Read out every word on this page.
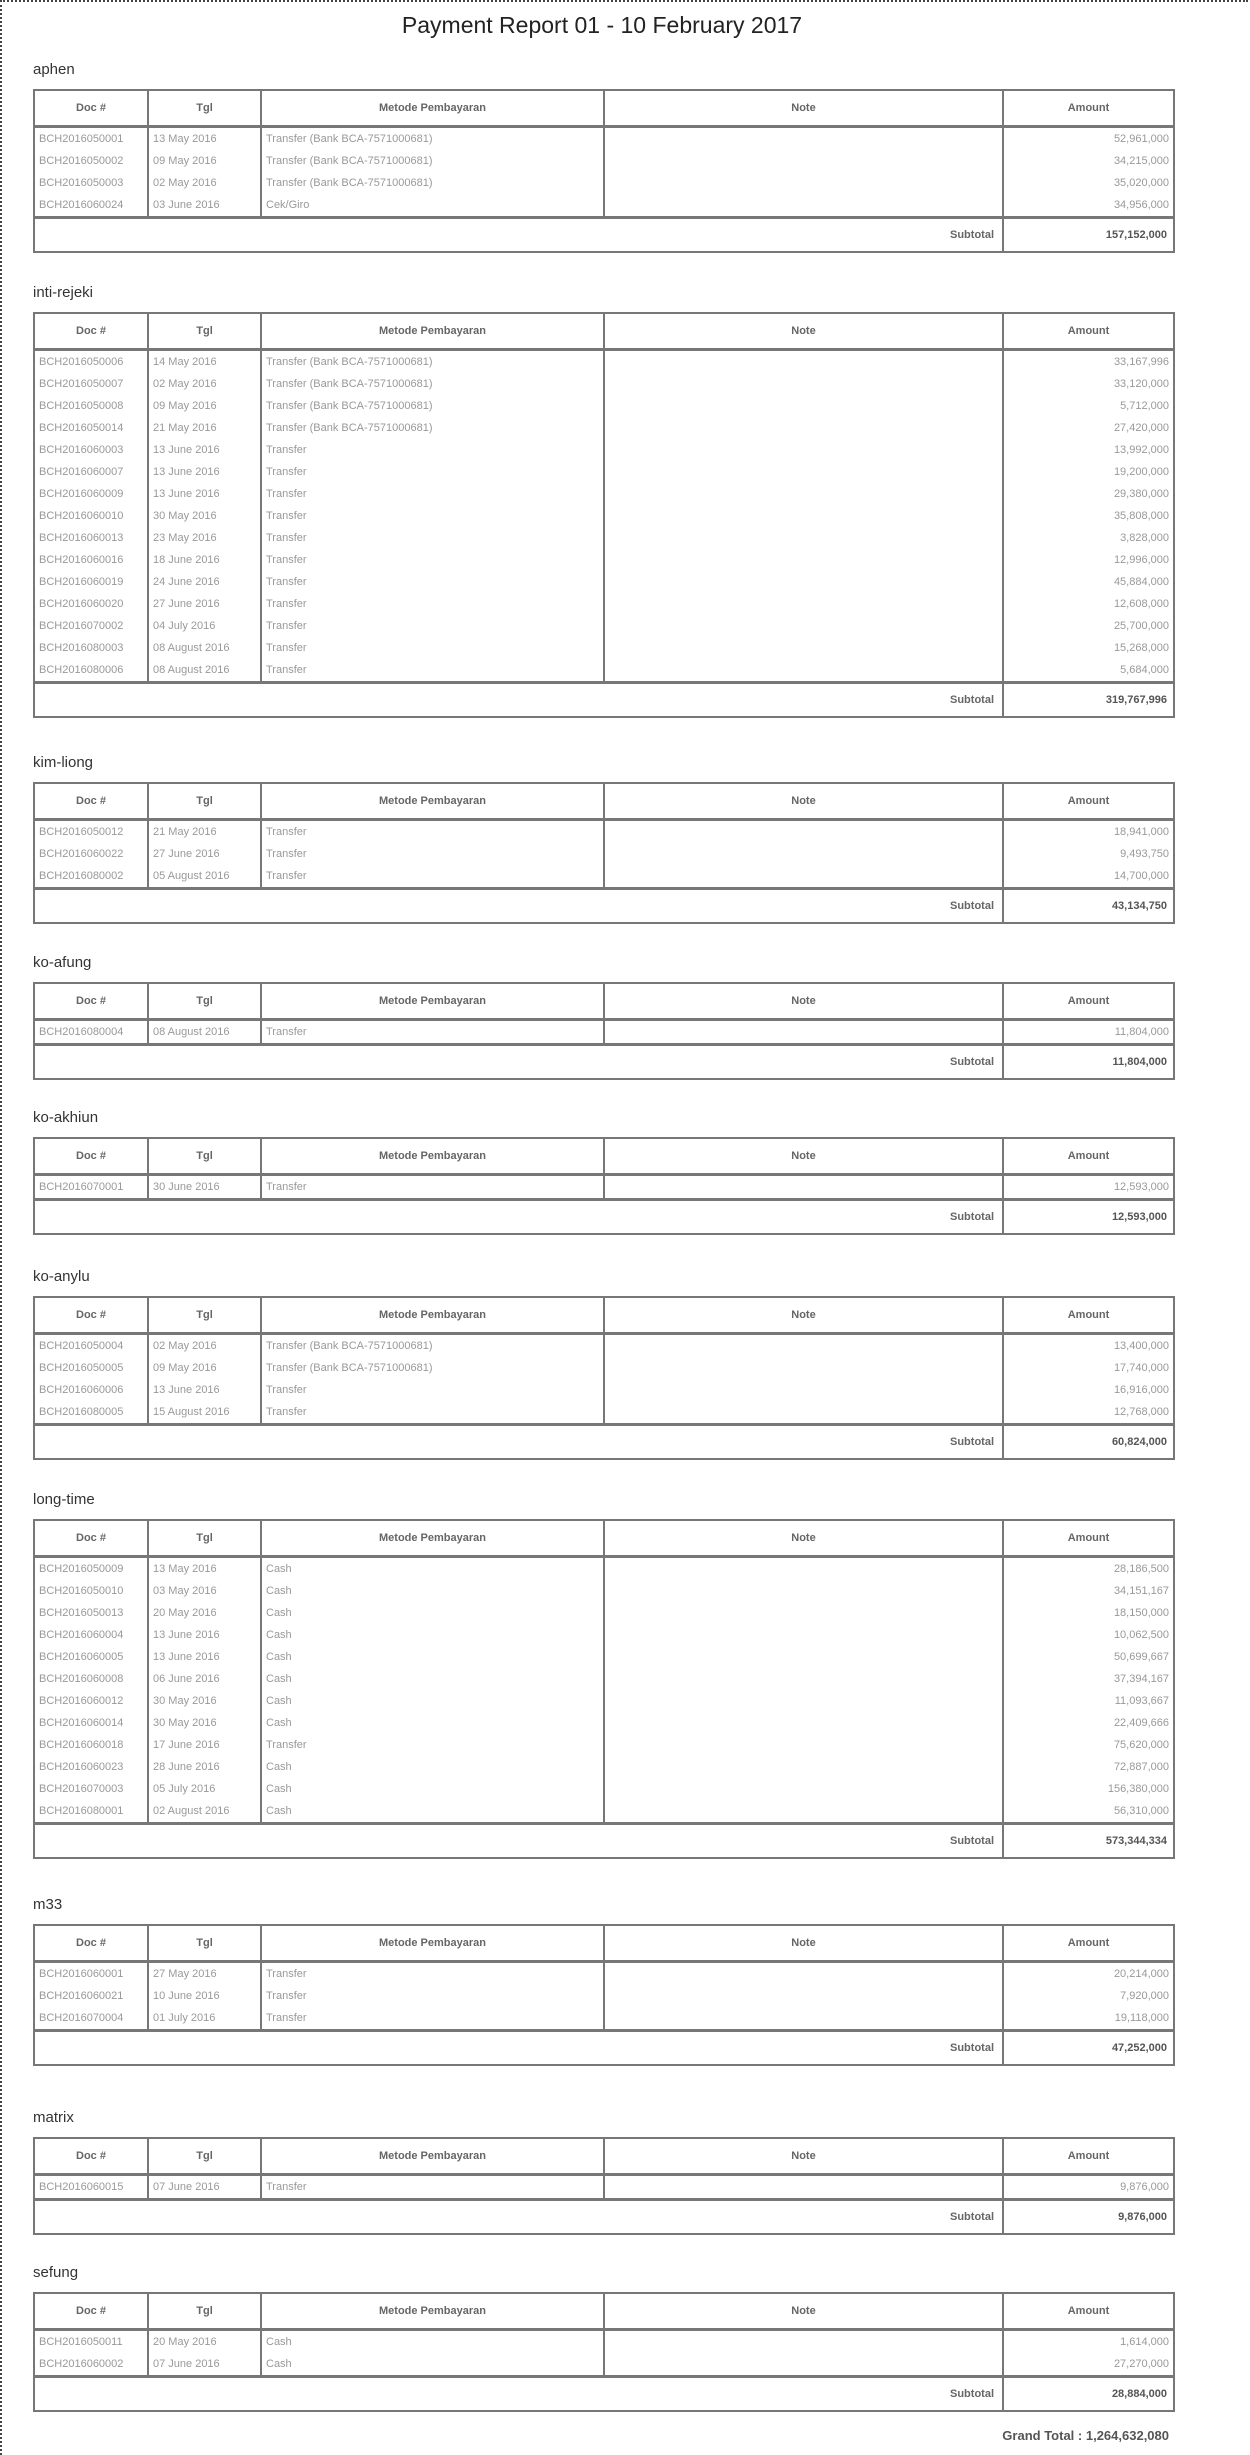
Payment Report 01 - 10 February 2017
aphen
Doc #	Tgl	Metode Pembayaran	Note	Amount
BCH2016050001	13 May 2016	Transfer (Bank BCA-7571000681)		52,961,000
BCH2016050002	09 May 2016	Transfer (Bank BCA-7571000681)		34,215,000
BCH2016050003	02 May 2016	Transfer (Bank BCA-7571000681)		35,020,000
BCH2016060024	03 June 2016	Cek/Giro		34,956,000
Subtotal				157,152,000
inti-rejeki
Doc #	Tgl	Metode Pembayaran	Note	Amount
BCH2016050006	14 May 2016	Transfer (Bank BCA-7571000681)		33,167,996
BCH2016050007	02 May 2016	Transfer (Bank BCA-7571000681)		33,120,000
BCH2016050008	09 May 2016	Transfer (Bank BCA-7571000681)		5,712,000
BCH2016050014	21 May 2016	Transfer (Bank BCA-7571000681)		27,420,000
BCH2016060003	13 June 2016	Transfer		13,992,000
BCH2016060007	13 June 2016	Transfer		19,200,000
BCH2016060009	13 June 2016	Transfer		29,380,000
BCH2016060010	30 May 2016	Transfer		35,808,000
BCH2016060013	23 May 2016	Transfer		3,828,000
BCH2016060016	18 June 2016	Transfer		12,996,000
BCH2016060019	24 June 2016	Transfer		45,884,000
BCH2016060020	27 June 2016	Transfer		12,608,000
BCH2016070002	04 July 2016	Transfer		25,700,000
BCH2016080003	08 August 2016	Transfer		15,268,000
BCH2016080006	08 August 2016	Transfer		5,684,000
Subtotal				319,767,996
kim-liong
Doc #	Tgl	Metode Pembayaran	Note	Amount
BCH2016050012	21 May 2016	Transfer		18,941,000
BCH2016060022	27 June 2016	Transfer		9,493,750
BCH2016080002	05 August 2016	Transfer		14,700,000
Subtotal				43,134,750
ko-afung
Doc #	Tgl	Metode Pembayaran	Note	Amount
BCH2016080004	08 August 2016	Transfer		11,804,000
Subtotal				11,804,000
ko-akhiun
Doc #	Tgl	Metode Pembayaran	Note	Amount
BCH2016070001	30 June 2016	Transfer		12,593,000
Subtotal				12,593,000
ko-anylu
Doc #	Tgl	Metode Pembayaran	Note	Amount
BCH2016050004	02 May 2016	Transfer (Bank BCA-7571000681)		13,400,000
BCH2016050005	09 May 2016	Transfer (Bank BCA-7571000681)		17,740,000
BCH2016060006	13 June 2016	Transfer		16,916,000
BCH2016080005	15 August 2016	Transfer		12,768,000
Subtotal				60,824,000
long-time
Doc #	Tgl	Metode Pembayaran	Note	Amount
BCH2016050009	13 May 2016	Cash		28,186,500
BCH2016050010	03 May 2016	Cash		34,151,167
BCH2016050013	20 May 2016	Cash		18,150,000
BCH2016060004	13 June 2016	Cash		10,062,500
BCH2016060005	13 June 2016	Cash		50,699,667
BCH2016060008	06 June 2016	Cash		37,394,167
BCH2016060012	30 May 2016	Cash		11,093,667
BCH2016060014	30 May 2016	Cash		22,409,666
BCH2016060018	17 June 2016	Transfer		75,620,000
BCH2016060023	28 June 2016	Cash		72,887,000
BCH2016070003	05 July 2016	Cash		156,380,000
BCH2016080001	02 August 2016	Cash		56,310,000
Subtotal				573,344,334
m33
Doc #	Tgl	Metode Pembayaran	Note	Amount
BCH2016060001	27 May 2016	Transfer		20,214,000
BCH2016060021	10 June 2016	Transfer		7,920,000
BCH2016070004	01 July 2016	Transfer		19,118,000
Subtotal				47,252,000
matrix
Doc #	Tgl	Metode Pembayaran	Note	Amount
BCH2016060015	07 June 2016	Transfer		9,876,000
Subtotal				9,876,000
sefung
Doc #	Tgl	Metode Pembayaran	Note	Amount
BCH2016050011	20 May 2016	Cash		1,614,000
BCH2016060002	07 June 2016	Cash		27,270,000
Subtotal				28,884,000
Grand Total : 1,264,632,080
